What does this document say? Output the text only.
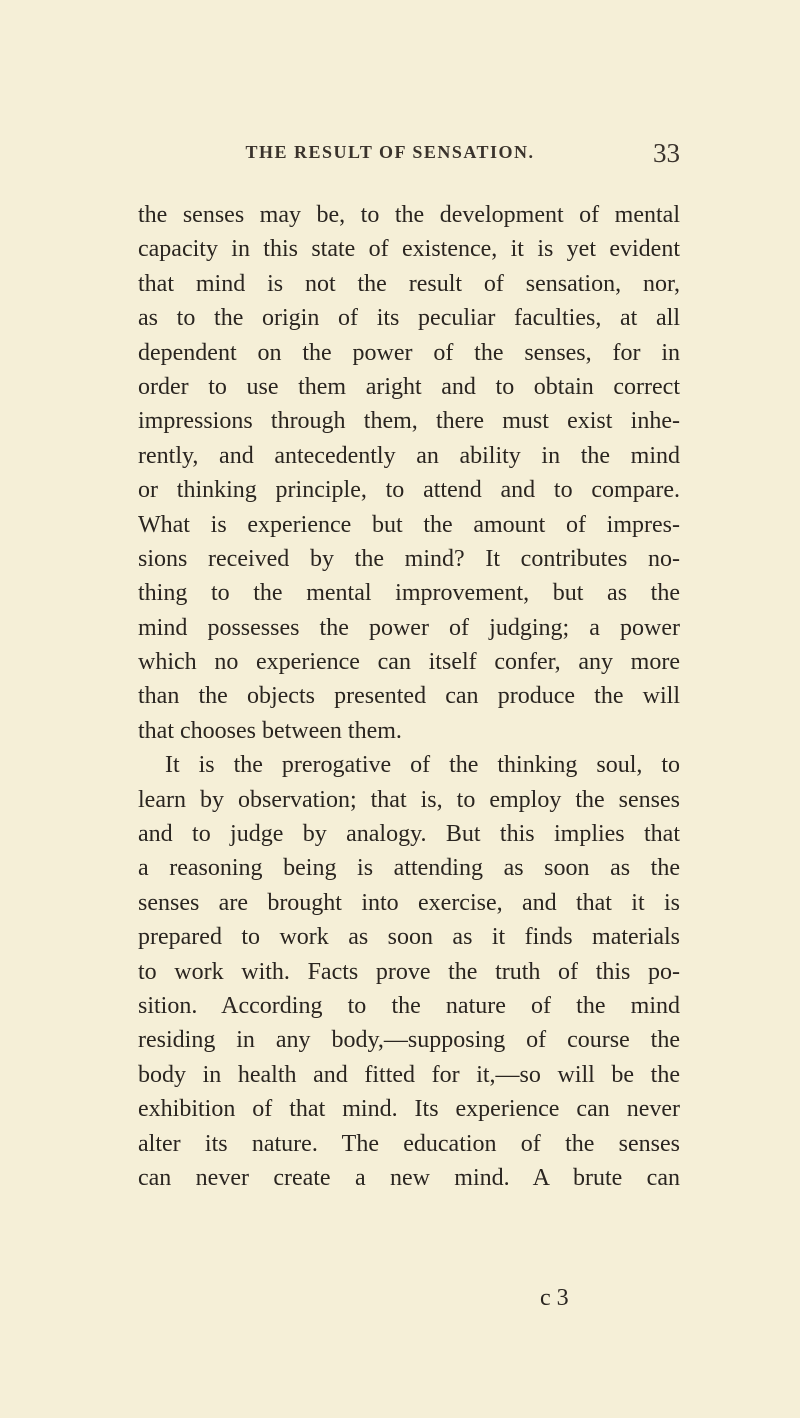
THE RESULT OF SENSATION.	33
the senses may be, to the development of mental
capacity in this state of existence, it is yet evident
that mind is not the result of sensation, nor,
as to the origin of its peculiar faculties, at all
dependent on the power of the senses, for in
order to use them aright and to obtain correct
impressions through them, there must exist inhe-
rently, and antecedently an ability in the mind
or thinking principle, to attend and to compare.
What is experience but the amount of impres-
sions received by the mind? It contributes no-
thing to the mental improvement, but as the
mind possesses the power of judging; a power
which no experience can itself confer, any more
than the objects presented can produce the will
that chooses between them.
It is the prerogative of the thinking soul, to
learn by observation; that is, to employ the senses
and to judge by analogy. But this implies that
a reasoning being is attending as soon as the
senses are brought into exercise, and that it is
prepared to work as soon as it finds materials
to work with. Facts prove the truth of this po-
sition. According to the nature of the mind
residing in any body,—supposing of course the
body in health and fitted for it,—so will be the
exhibition of that mind. Its experience can never
alter its nature. The education of the senses
can never create a new mind. A brute can
c 3
